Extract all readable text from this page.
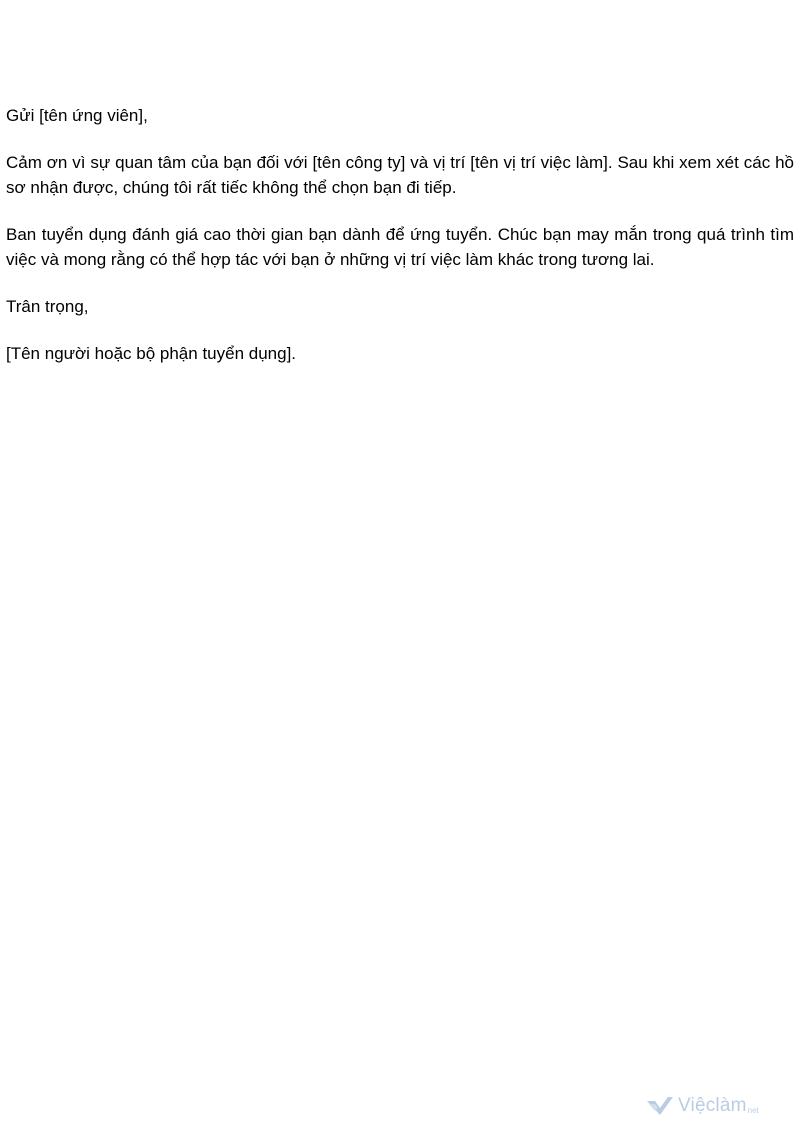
Gửi [tên ứng viên],

Cảm ơn vì sự quan tâm của bạn đối với [tên công ty] và vị trí [tên vị trí việc làm]. Sau khi xem xét các hồ sơ nhận được, chúng tôi rất tiếc không thể chọn bạn đi tiếp.

Ban tuyển dụng đánh giá cao thời gian bạn dành để ứng tuyển. Chúc bạn may mắn trong quá trình tìm việc và mong rằng có thể hợp tác với bạn ở những vị trí việc làm khác trong tương lai.

Trân trọng,

[Tên người hoặc bộ phận tuyển dụng].

Việclàm net
